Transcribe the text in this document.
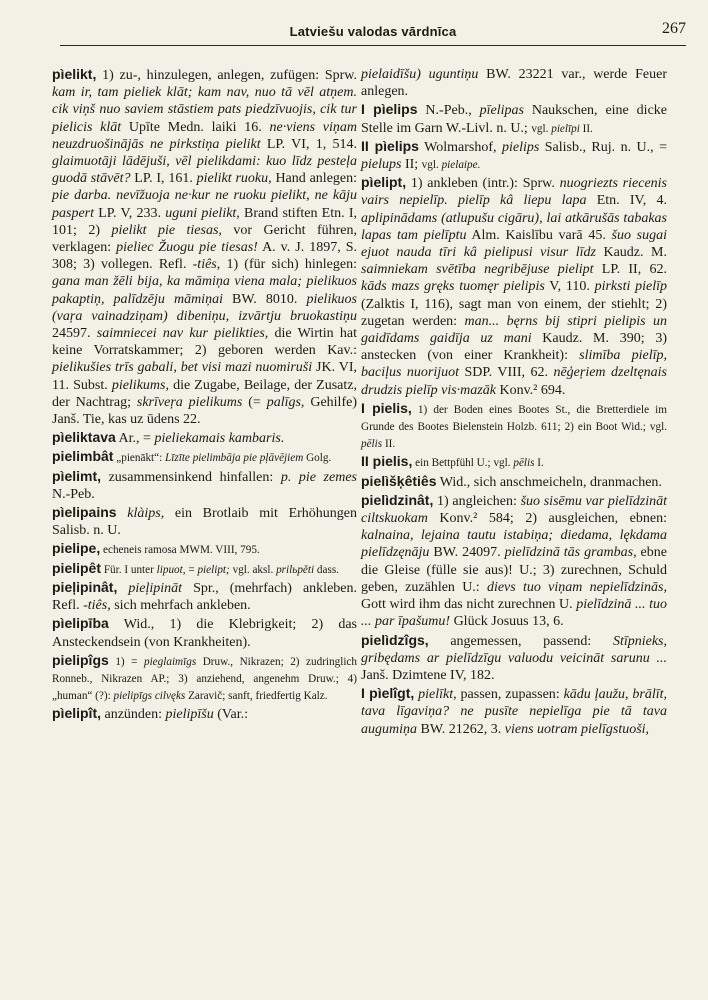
Latviešu valodas vārdnīca	267
pìelikt, 1) zu-, hinzulegen, anlegen, zufügen: Sprw. kam ir, tam pieliek klāt; kam nav, nuo tā vēl atņem. cik viņš nuo saviem stāstiem pats piedzīvuojis, cik tur pielicis klāt Upīte Medn. laiki 16. ne·viens viņam neuzdruošinājās ne pirkstiņa pielikt LP. VI, 1, 514. glaimuotāji lādējuši, vēl pielikdami: kuo līdz pesteļa guodā stāvēt? LP. I, 161. pielikt ruoku, Hand anlegen: pie darba. nevīžuoja ne·kur ne ruoku pielikt, ne kāju paspert LP. V, 233. uguni pielikt, Brand stiften Etn. I, 101; 2) pielikt pie tiesas, vor Gericht führen, verklagen: pieliec Žuogu pie tiesas! A. v. J. 1897, S. 308; 3) vollegen. Refl. -tiês, 1) (für sich) hinlegen: gana man žēli bija, ka māmiņa viena mala; pielikuos pakaptiņ, palīdzēju māmiņai BW. 8010. pielikuos (vaŗa vainadziņam) dibeniņu, izvārtju bruokastiņu 24597. saimniecei nav kur pielikties, die Wirtin hat keine Vorratskammer; 2) geboren werden Kav.: pielikušies trīs gabali, bet visi mazi nuomiruši JK. VI, 11. Subst. pielikums, die Zugabe, Beilage, der Zusatz, der Nachtrag; skrīveŗa pielikums (= palīgs, Gehilfe) Janš. Tie, kas uz ūdens 22.
pìeliktava Ar., = pieliekamais kambaris.
pielimbât „pienākt“: Līzīte pielimbāja pie pļāvējiem Golg.
pìelimt, zusammensinkend hinfallen: p. pie zemes N.-Peb.
pìelipains klàips, ein Brotlaib mit Erhöhungen Salisb. n. U.
pielipe, echeneis ramosa MWM. VIII, 795.
pielipêt Für. I unter lipuot, = pielipt; vgl. aksl. prilьpěti dass.
pieļipinât, pieļipināt Spr., (mehrfach) ankleben. Refl. -tiês, sich mehrfach ankleben.
pìelipība Wid., 1) die Klebrigkeit; 2) das Ansteckendsein (von Krankheiten).
pielipîgs 1) = pieglaimīgs Druw., Nikrazen; 2) zudringlich Ronneb., Nikrazen AP.; 3) anziehend, angenehm Druw.; 4) „human“ (?): pielipīgs cilvęks Zaravič; sanft, friedfertig Kalz.
pìelipît, anzünden: pielipīšu (Var.:
pielaidīšu) uguntiņu BW. 23221 var., werde Feuer anlegen.
I pìelips N.-Peb., pīelipas Naukschen, eine dicke Stelle im Garn W.-Livl. n. U.; vgl. pielīpi II.
II pìelips Wolmarshof, pielips Salisb., Ruj. n. U., = pielups II; vgl. pielaipe.
pìelipt, 1) ankleben (intr.): Sprw. nuogriezts riecenis vairs nepielīp. pielīp kâ liepu lapa Etn. IV, 4. aplipinādams (atlupušu cigāru), lai atkārušās tabakas lapas tam pielīptu Alm. Kaislību varā 45. šuo sugai ejuot nauda tīri kâ pielipusi visur līdz Kaudz. M. saimniekam svētība negribējuse pielipt LP. II, 62. kāds mazs gręks tuomęr pielipis V, 110. pirksti pielīp (Zalktis I, 116), sagt man von einem, der stiehlt; 2) zugetan werden: man... bęrns bij stipri pielipis un gaidīdams gaidīja uz mani Kaudz. M. 390; 3) anstecken (von einer Krankheit): slimība pielīp, baciļus nuorijuot SDP. VIII, 62. nēģeŗiem dzeltęnais drudzis pielīp vis·mazāk Konv.² 694.
I pielis, 1) der Boden eines Bootes St., die Bretterdiele im Grunde des Bootes Bielenstein Holzb. 611; 2) ein Boot Wid.; vgl. pēlis II.
II pielis, ein Bettpfühl U.; vgl. pēlis I.
pielìšķêtiês Wid., sich anschmeicheln, dranmachen.
pielìdzinât, 1) angleichen: šuo sisēmu var pielīdzināt ciltskuokam Konv.² 584; 2) ausgleichen, ebnen: kalnaina, lejaina tautu istabiņa; diedama, lękdama pielīdzęnāju BW. 24097. pielīdzinā tās grambas, ebne die Gleise (fülle sie aus)! U.; 3) zurechnen, Schuld geben, zuzählen U.: dievs tuo viņam nepielīdzinās, Gott wird ihm das nicht zurechnen U. pielīdzinā ... tuo ... par īpašumu! Glück Josuus 13, 6.
pielìdzîgs, angemessen, passend: Stīpnieks, gribędams ar pielīdzīgu valuodu veicināt sarunu ... Janš. Dzimtene IV, 182.
I pìelîgt, pielīkt, passen, zupassen: kādu ļaužu, brālīt, tava līgaviņa? ne pusīte nepielīga pie tā tava augumiņa BW. 21262, 3. viens uotram pielīgstuoši,
